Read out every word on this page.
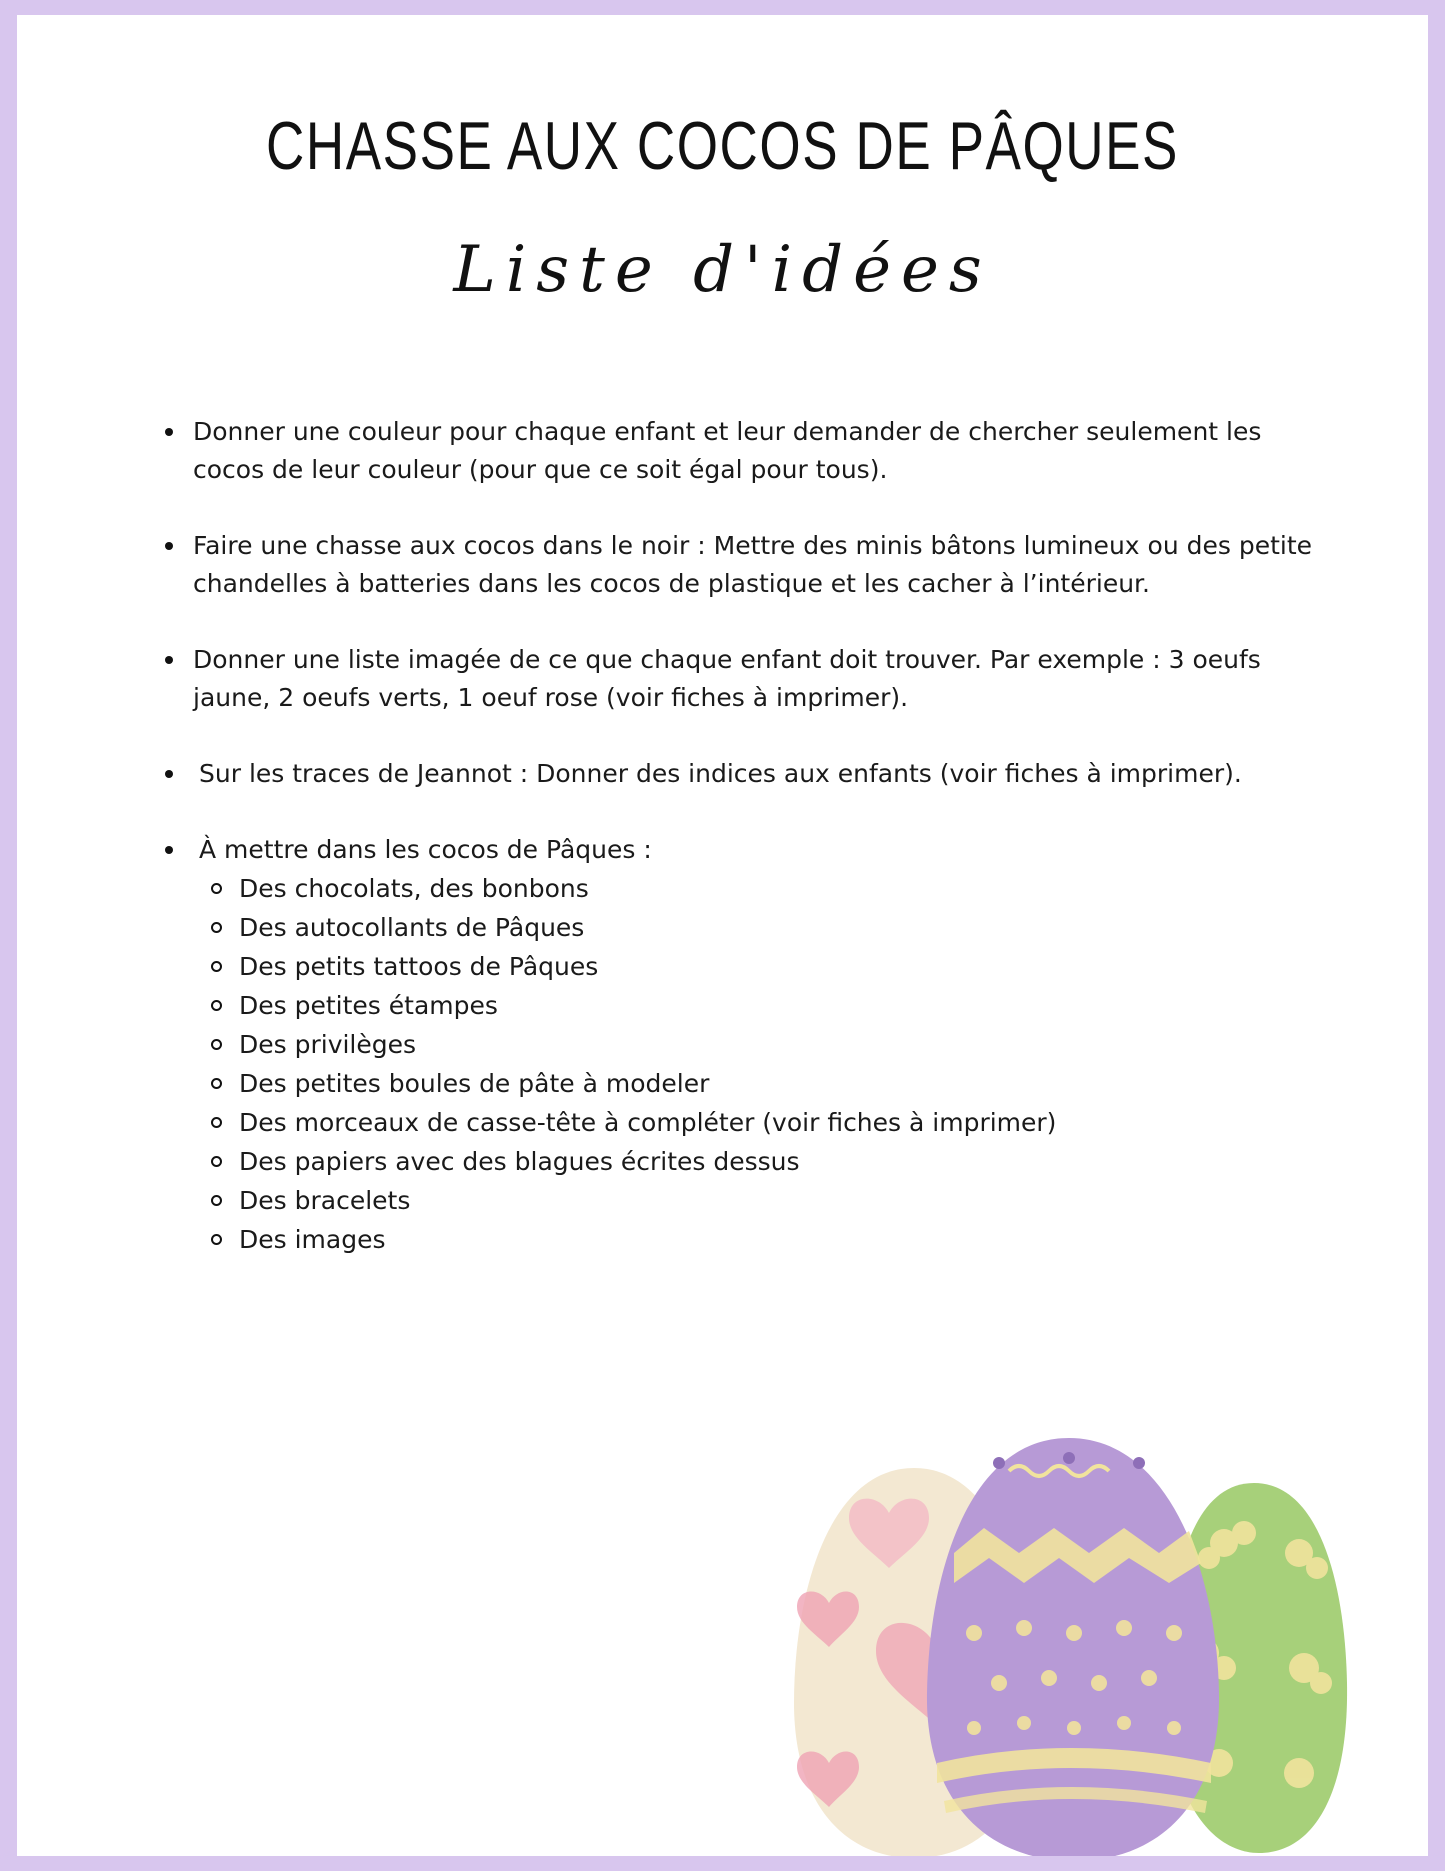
CHASSE AUX COCOS DE PÂQUES
Liste d'idées
Donner une couleur pour chaque enfant et leur demander de chercher seulement les cocos de leur couleur (pour que ce soit égal pour tous).
Faire une chasse aux cocos dans le noir : Mettre des minis bâtons lumineux ou des petite chandelles à batteries dans les cocos de plastique et les cacher à l’intérieur.
Donner une liste imagée de ce que chaque enfant doit trouver. Par exemple : 3 oeufs jaune, 2 oeufs verts, 1 oeuf rose (voir fiches à imprimer).
Sur les traces de Jeannot : Donner des indices aux enfants (voir fiches à imprimer).
À mettre dans les cocos de Pâques :
Des chocolats, des bonbons
Des autocollants de Pâques
Des petits tattoos de Pâques
Des petites étampes
Des privilèges
Des petites boules de pâte à modeler
Des morceaux de casse-tête à compléter (voir fiches à imprimer)
Des papiers avec des blagues écrites dessus
Des bracelets
Des images
